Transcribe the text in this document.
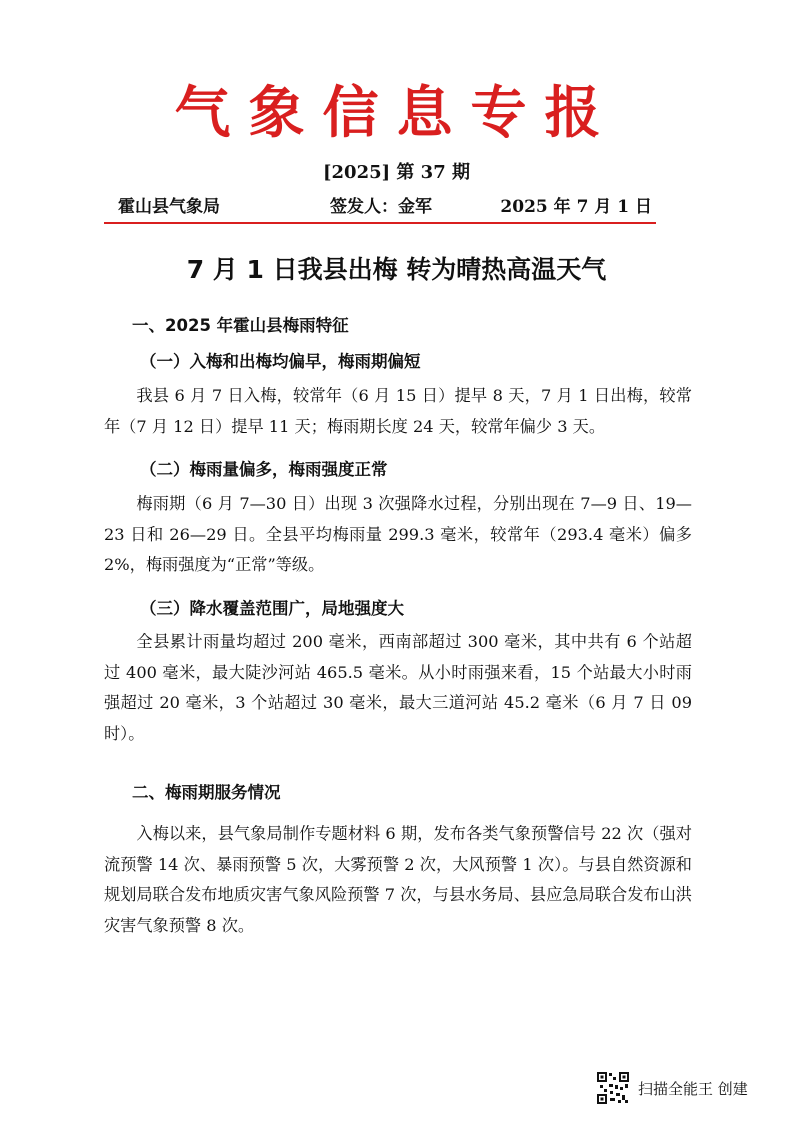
气象信息专报
[2025] 第 37 期
霍山县气象局	签发人：金军	2025 年 7 月 1 日
7 月 1 日我县出梅 转为晴热高温天气
一、2025 年霍山县梅雨特征
（一）入梅和出梅均偏早，梅雨期偏短
我县 6 月 7 日入梅，较常年（6 月 15 日）提早 8 天，7 月 1 日出梅，较常年（7 月 12 日）提早 11 天；梅雨期长度 24 天，较常年偏少 3 天。
（二）梅雨量偏多，梅雨强度正常
梅雨期（6 月 7—30 日）出现 3 次强降水过程，分别出现在 7—9 日、19—23 日和 26—29 日。全县平均梅雨量 299.3 毫米，较常年（293.4 毫米）偏多 2%，梅雨强度为“正常”等级。
（三）降水覆盖范围广，局地强度大
全县累计雨量均超过 200 毫米，西南部超过 300 毫米，其中共有 6 个站超过 400 毫米，最大陡沙河站 465.5 毫米。从小时雨强来看，15 个站最大小时雨强超过 20 毫米，3 个站超过 30 毫米，最大三道河站 45.2 毫米（6 月 7 日 09 时）。
二、梅雨期服务情况
入梅以来，县气象局制作专题材料 6 期，发布各类气象预警信号 22 次（强对流预警 14 次、暴雨预警 5 次，大雾预警 2 次，大风预警 1 次）。与县自然资源和规划局联合发布地质灾害气象风险预警 7 次，与县水务局、县应急局联合发布山洪灾害气象预警 8 次。
扫描全能王 创建
